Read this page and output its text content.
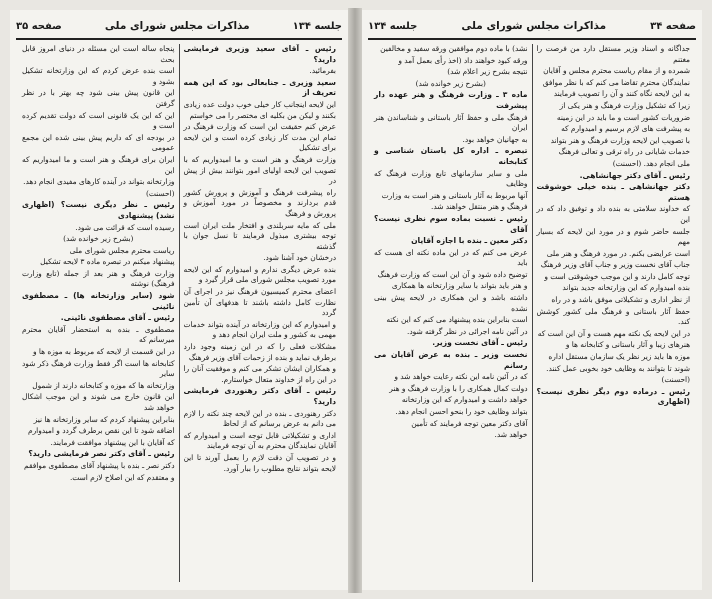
جلسه ۱۳۴
مذاکرات مجلس شورای ملی
صفحه ۳۵

رئیس ـ آقای سعید وزیری فرمایشی دارید؟

بفرمائید.

سعید وزیری ـ جنابعالی بود که این همه تعریف از

این لایحه اینجانب کار خیلی خوب دولت عده زیادی بکنند و لیکن من بکلیه ای مختصر را می خواستم

عرض کنم حقیقت این است که وزارت فرهنگ در تمام این مدت کار زیادی کرده است و این لایحه برای تشکیل

وزارت فرهنگ و هنر است و ما امیدواریم که با تصویب این لایحه اولیای امور بتوانند بیش از پیش در

راه پیشرفت فرهنگ و آموزش و پرورش کشور قدم بردارند و مخصوصاً در مورد آموزش و پرورش و فرهنگ

ملی که مایه سربلندی و افتخار ملت ایران است توجه بیشتری مبذول فرمایند تا نسل جوان با گذشته

درخشان خود آشنا شود.

بنده عرض دیگری ندارم و امیدوارم که این لایحه مورد تصویب مجلس شورای ملی قرار گیرد و

اعضای محترم کمیسیون فرهنگ نیز در اجرای آن نظارت کامل داشته باشند تا هدفهای آن تأمین گردد

و امیدوارم که این وزارتخانه در آینده بتواند خدمات مهمی به کشور و ملت ایران انجام دهد و

مشکلات فعلی را که در این زمینه وجود دارد برطرف نماید و بنده از زحمات آقای وزیر فرهنگ

و همکاران ایشان تشکر می کنم و موفقیت آنان را در این راه از خداوند متعال خواستارم.

رئیس ـ آقای دکتر رهنوردی فرمایشی دارید؟

دکتر رهنوردی ـ بنده در این لایحه چند نکته را لازم می دانم به عرض برسانم که از لحاظ

اداری و تشکیلاتی قابل توجه است و امیدوارم که آقایان نمایندگان محترم به آن توجه فرمایند

و در تصویب آن دقت لازم را بعمل آورند تا این لایحه بتواند نتایج مطلوب را ببار آورد.

پنجاه ساله است این مسئله در دنیای امروز قابل بحث

است بنده عرض کردم که این وزارتخانه تشکیل بشود و

این قانون پیش بینی شود چه بهتر با در نظر گرفتن

این که این یک قانونی است که دولت تقدیم کرده است و

در بودجه ای که داریم پیش بینی شده این مجمع عمومی

ایران برای فرهنگ و هنر است و ما امیدواریم که این

وزارتخانه بتواند در آینده کارهای مفیدی انجام دهد.

(احسنت)

رئیس ـ نظر دیگری نیست؟ (اظهاری نشد) پیشنهادی

رسیده است که قرائت می شود.

(بشرح زیر خوانده شد)

ریاست محترم مجلس شورای ملی

پیشنهاد میکنم در تبصره ماده ۳ لایحه تشکیل

وزارت فرهنگ و هنر بعد از جمله (تابع وزارت فرهنگ) نوشته

شود (سایر وزارتخانه ها) ـ مصطفوی نائینی

رئیس ـ آقای مصطفوی نائینی.

مصطفوی ـ بنده به استحضار آقایان محترم میرسانم که

در این قسمت از لایحه که مربوط به موزه ها و

کتابخانه ها است اگر فقط وزارت فرهنگ ذکر شود سایر

وزارتخانه ها که موزه و کتابخانه دارند از شمول

این قانون خارج می شوند و این موجب اشکال خواهد شد

بنابراین پیشنهاد کردم که سایر وزارتخانه ها نیز

اضافه شود تا این نقص برطرف گردد و امیدوارم

که آقایان با این پیشنهاد موافقت فرمایند.

رئیس ـ آقای دکتر نصر فرمایشی دارید؟

دکتر نصر ـ بنده با پیشنهاد آقای مصطفوی موافقم

و معتقدم که این اصلاح لازم است.

صفحه ۳۴
مذاکرات مجلس شورای ملی
جلسه ۱۳۴

جداگانه و اسناد وزیر مستقل دارد من فرصت را مغتنم

شمرده و از مقام ریاست محترم مجلس و آقایان

نمایندگان محترم تقاضا می کنم که با نظر موافق

به این لایحه نگاه کنند و آن را تصویب فرمایند

زیرا که تشکیل وزارت فرهنگ و هنر یکی از

ضروریات کشور است و ما باید در این زمینه

به پیشرفت های لازم برسیم و امیدوارم که

با تصویب این لایحه وزارت فرهنگ و هنر بتواند

خدمات شایانی در راه ترقی و تعالی فرهنگ

ملی انجام دهد. (احسنت)

رئیس ـ آقای دکتر جهانشاهی.

دکتر جهانشاهی ـ بنده خیلی خوشوقت هستم

که خداوند سلامتی به بنده داد و توفیق داد که در این

جلسه حاضر شوم و در مورد این لایحه که بسیار مهم

است عرایضی بکنم. در مورد فرهنگ و هنر ملی

جناب آقای نخست وزیر و جناب آقای وزیر فرهنگ

توجه کامل دارند و این موجب خوشوقتی است و

بنده امیدوارم که این وزارتخانه جدید بتواند

از نظر اداری و تشکیلاتی موفق باشد و در راه

حفظ آثار باستانی و فرهنگ ملی کشور کوشش کند.

در این لایحه یک نکته مهم هست و آن این است که

هنرهای زیبا و آثار باستانی و کتابخانه ها و

موزه ها باید زیر نظر یک سازمان مستقل اداره

شوند تا بتوانند به وظایف خود بخوبی عمل کنند.

(احسنت)

رئیس ـ درماده دوم دیگر نظری نیست؟ (اظهاری

نشد) با ماده دوم موافقین ورقه سفید و مخالفین

ورقه کبود خواهند داد (اخذ رأی بعمل آمد و

نتیجه بشرح زیر اعلام شد)

(بشرح زیر خوانده شد)

ماده ۳ ـ وزارت فرهنگ و هنر عهده دار پیشرفت

فرهنگ ملی و حفظ آثار باستانی و شناساندن هنر ایران

به جهانیان خواهد بود.

تبصره ـ اداره کل باستان شناسی و کتابخانه

ملی و سایر سازمانهای تابع وزارت فرهنگ که وظایف

آنها مربوط به آثار باستانی و هنر است به وزارت

فرهنگ و هنر منتقل خواهند شد.

رئیس ـ نسبت بماده سوم نظری نیست؟ آقای

دکتر معین ـ بنده با اجازه آقایان

عرض می کنم که در این ماده نکته ای هست که باید

توضیح داده شود و آن این است که وزارت فرهنگ

و هنر باید بتواند با سایر وزارتخانه ها همکاری

داشته باشد و این همکاری در لایحه پیش بینی نشده

است بنابراین بنده پیشنهاد می کنم که این نکته

در آئین نامه اجرائی در نظر گرفته شود.

رئیس ـ آقای نخست وزیر.

نخست وزیر ـ بنده به عرض آقایان می رسانم

که در آئین نامه این نکته رعایت خواهد شد و

دولت کمال همکاری را با وزارت فرهنگ و هنر

خواهد داشت و امیدوارم که این وزارتخانه

بتواند وظایف خود را بنحو احسن انجام دهد.

آقای دکتر معین توجه فرمایند که تأمین

خواهد شد.
